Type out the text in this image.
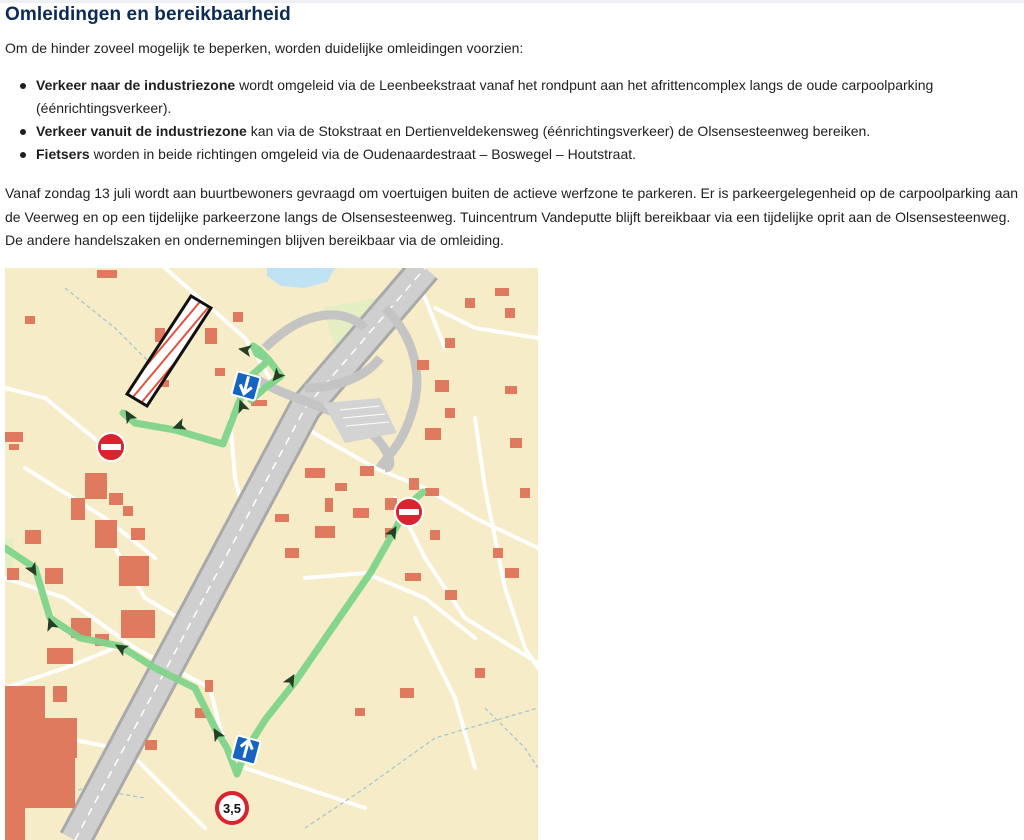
Omleidingen en bereikbaarheid

Om de hinder zoveel mogelijk te beperken, worden duidelijke omleidingen voorzien:

Verkeer naar de industriezone wordt omgeleid via de Leenbeekstraat vanaf het rondpunt aan het afrittencomplex langs de oude carpoolparking (éénrichtingsverkeer).
Verkeer vanuit de industriezone kan via de Stokstraat en Dertienveldekensweg (éénrichtingsverkeer) de Olsensesteenweg bereiken.
Fietsers worden in beide richtingen omgeleid via de Oudenaardestraat – Boswegel – Houtstraat.

Vanaf zondag 13 juli wordt aan buurtbewoners gevraagd om voertuigen buiten de actieve werfzone te parkeren. Er is parkeergelegenheid op de carpoolparking aan de Veerweg en op een tijdelijke parkeerzone langs de Olsensesteenweg. Tuincentrum Vandeputte blijft bereikbaar via een tijdelijke oprit aan de Olsensesteenweg. De andere handelszaken en ondernemingen blijven bereikbaar via de omleiding.

3,5
